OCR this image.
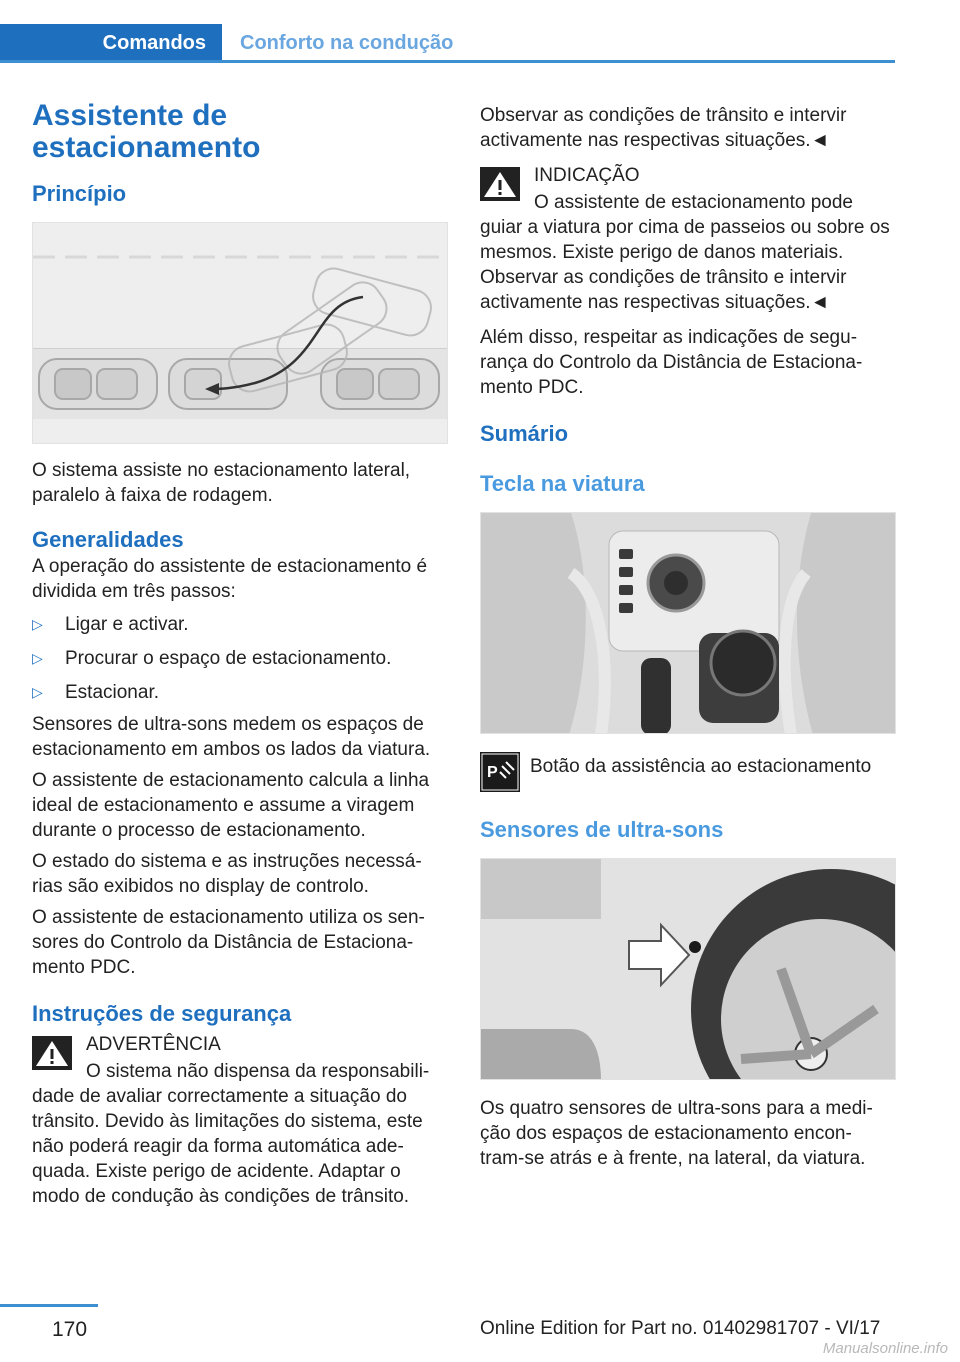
Comandos	Conforto na condução
Assistente de estacionamento
Princípio

O sistema assiste no estacionamento lateral, paralelo à faixa de rodagem.

Generalidades

A operação do assistente de estacionamento é dividida em três passos:

▷	Ligar e activar.
▷	Procurar o espaço de estacionamento.
▷	Estacionar.

Sensores de ultra-sons medem os espaços de estacionamento em ambos os lados da viatura.

O assistente de estacionamento calcula a linha ideal de estacionamento e assume a viragem durante o processo de estacionamento.

O estado do sistema e as instruções necessá-rias são exibidos no display de controlo.

O assistente de estacionamento utiliza os sen-sores do Controlo da Distância de Estaciona-mento PDC.

Instruções de segurança
ADVERTÊNCIA

O sistema não dispensa da responsabili-dade de avaliar correctamente a situação do trânsito. Devido às limitações do sistema, este não poderá reagir da forma automática ade-quada. Existe perigo de acidente. Adaptar o modo de condução às condições de trânsito.

Observar as condições de trânsito e intervir activamente nas respectivas situações.◄

INDICAÇÃO

O assistente de estacionamento pode guiar a viatura por cima de passeios ou sobre os mesmos. Existe perigo de danos materiais. Observar as condições de trânsito e intervir activamente nas respectivas situações.◄

Além disso, respeitar as indicações de segu-rança do Controlo da Distância de Estaciona-mento PDC.

Sumário
Tecla na viatura
P Botão da assistência ao estacionamento
Sensores de ultra-sons

Os quatro sensores de ultra-sons para a medi-ção dos espaços de estacionamento encon-tram-se atrás e à frente, na lateral, da viatura.

170	Online Edition for Part no. 01402981707 - VI/17
Manualsonline.info
